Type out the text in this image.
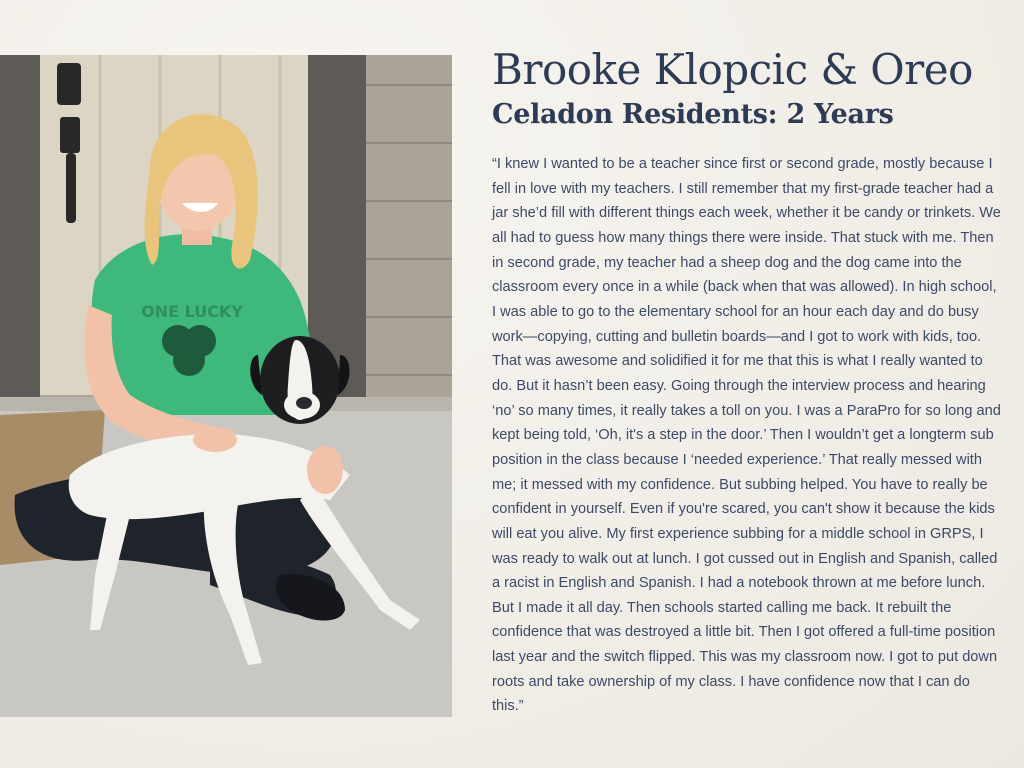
ONE LUCKY
Brooke Klopcic & Oreo
Celadon Residents: 2 Years

“I knew I wanted to be a teacher since first or second grade, mostly because I fell in love with my teachers. I still remember that my first-grade teacher had a jar she’d fill with different things each week, whether it be candy or trinkets. We all had to guess how many things there were inside. That stuck with me. Then in second grade, my teacher had a sheep dog and the dog came into the classroom every once in a while (back when that was allowed). In high school, I was able to go to the elementary school for an hour each day and do busy work—copying, cutting and bulletin boards—and I got to work with kids, too. That was awesome and solidified it for me that this is what I really wanted to do. But it hasn’t been easy. Going through the interview process and hearing ‘no’ so many times, it really takes a toll on you. I was a ParaPro for so long and kept being told, ‘Oh, it's a step in the door.’ Then I wouldn’t get a longterm sub position in the class because I ‘needed experience.’ That really messed with me; it messed with my confidence. But subbing helped. You have to really be confident in yourself. Even if you're scared, you can't show it because the kids will eat you alive. My first experience subbing for a middle school in GRPS, I was ready to walk out at lunch. I got cussed out in English and Spanish, called a racist in English and Spanish. I had a notebook thrown at me before lunch. But I made it all day. Then schools started calling me back. It rebuilt the confidence that was destroyed a little bit. Then I got offered a full-time position last year and the switch flipped. This was my classroom now. I got to put down roots and take ownership of my class. I have confidence now that I can do this.”
